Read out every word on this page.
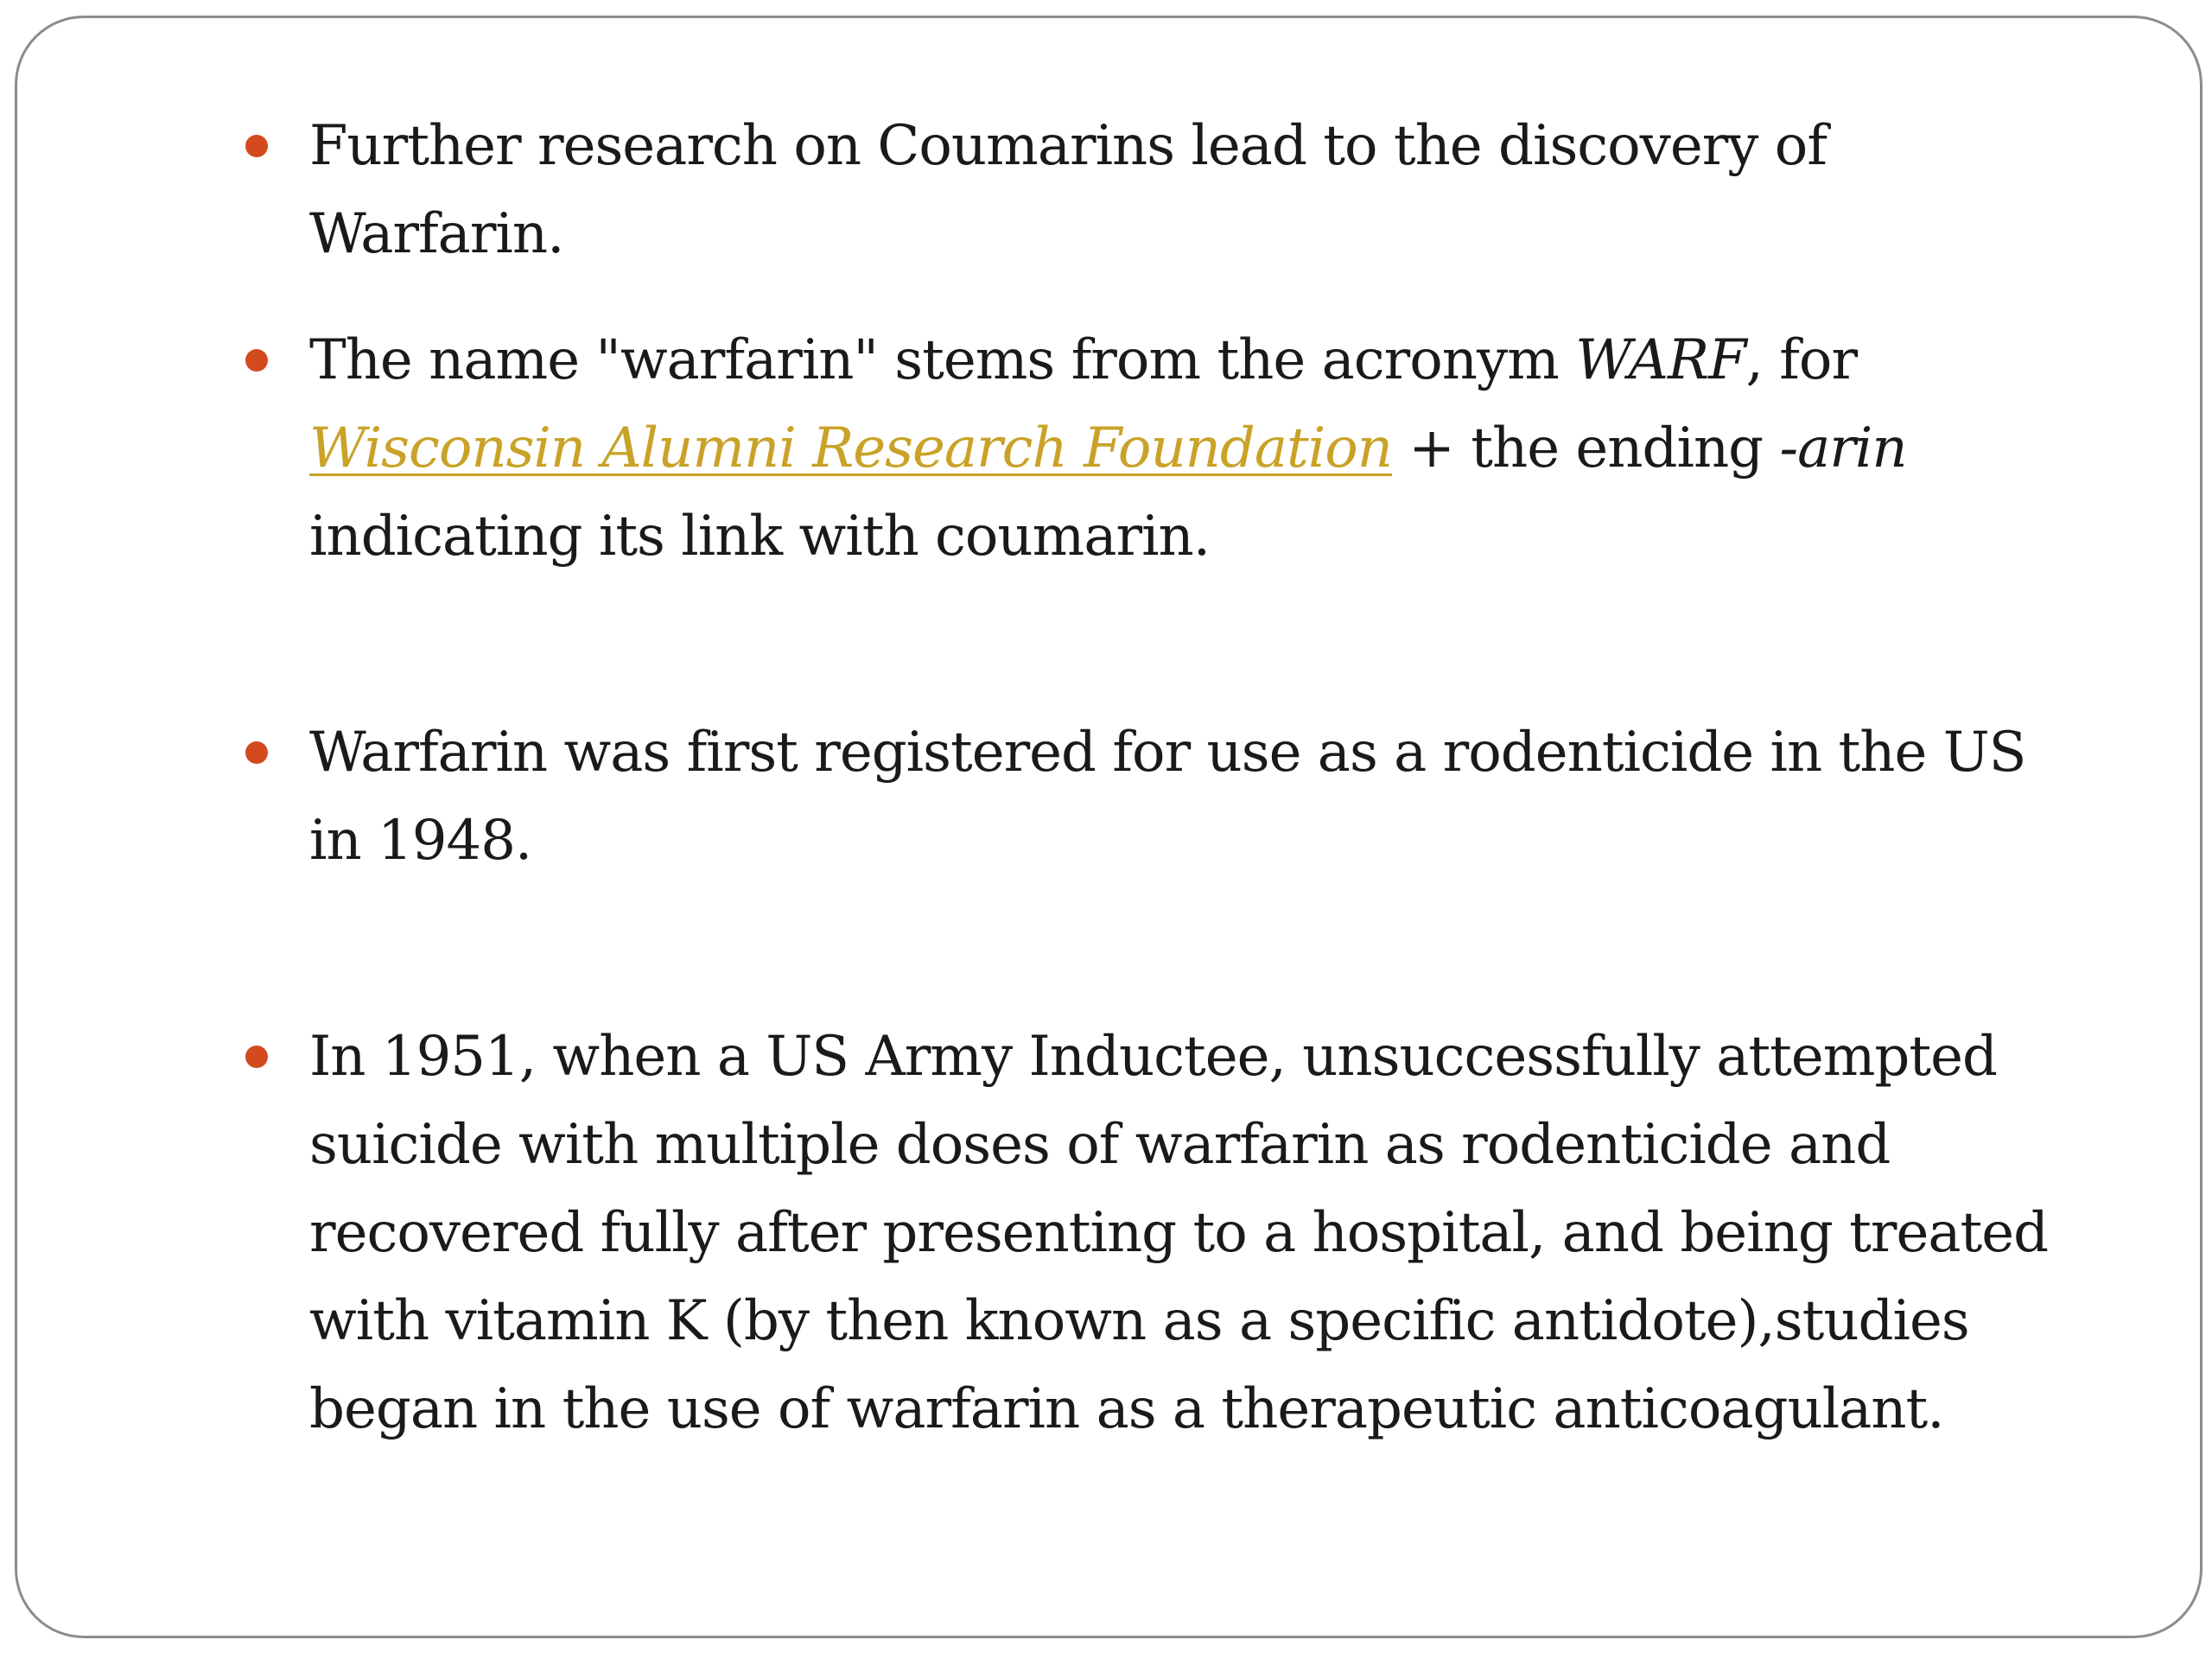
Further research on Coumarins lead to the discovery of Warfarin.
The name "warfarin" stems from the acronym WARF, for Wisconsin Alumni Research Foundation + the ending -arin indicating its link with coumarin.
Warfarin was first registered for use as a rodenticide in the US in 1948.
In 1951, when a US Army Inductee, unsuccessfully attempted suicide with multiple doses of warfarin as rodenticide and recovered fully after presenting to a hospital, and being treated with vitamin K (by then known as a specific antidote),studies began in the use of warfarin as a therapeutic anticoagulant.
